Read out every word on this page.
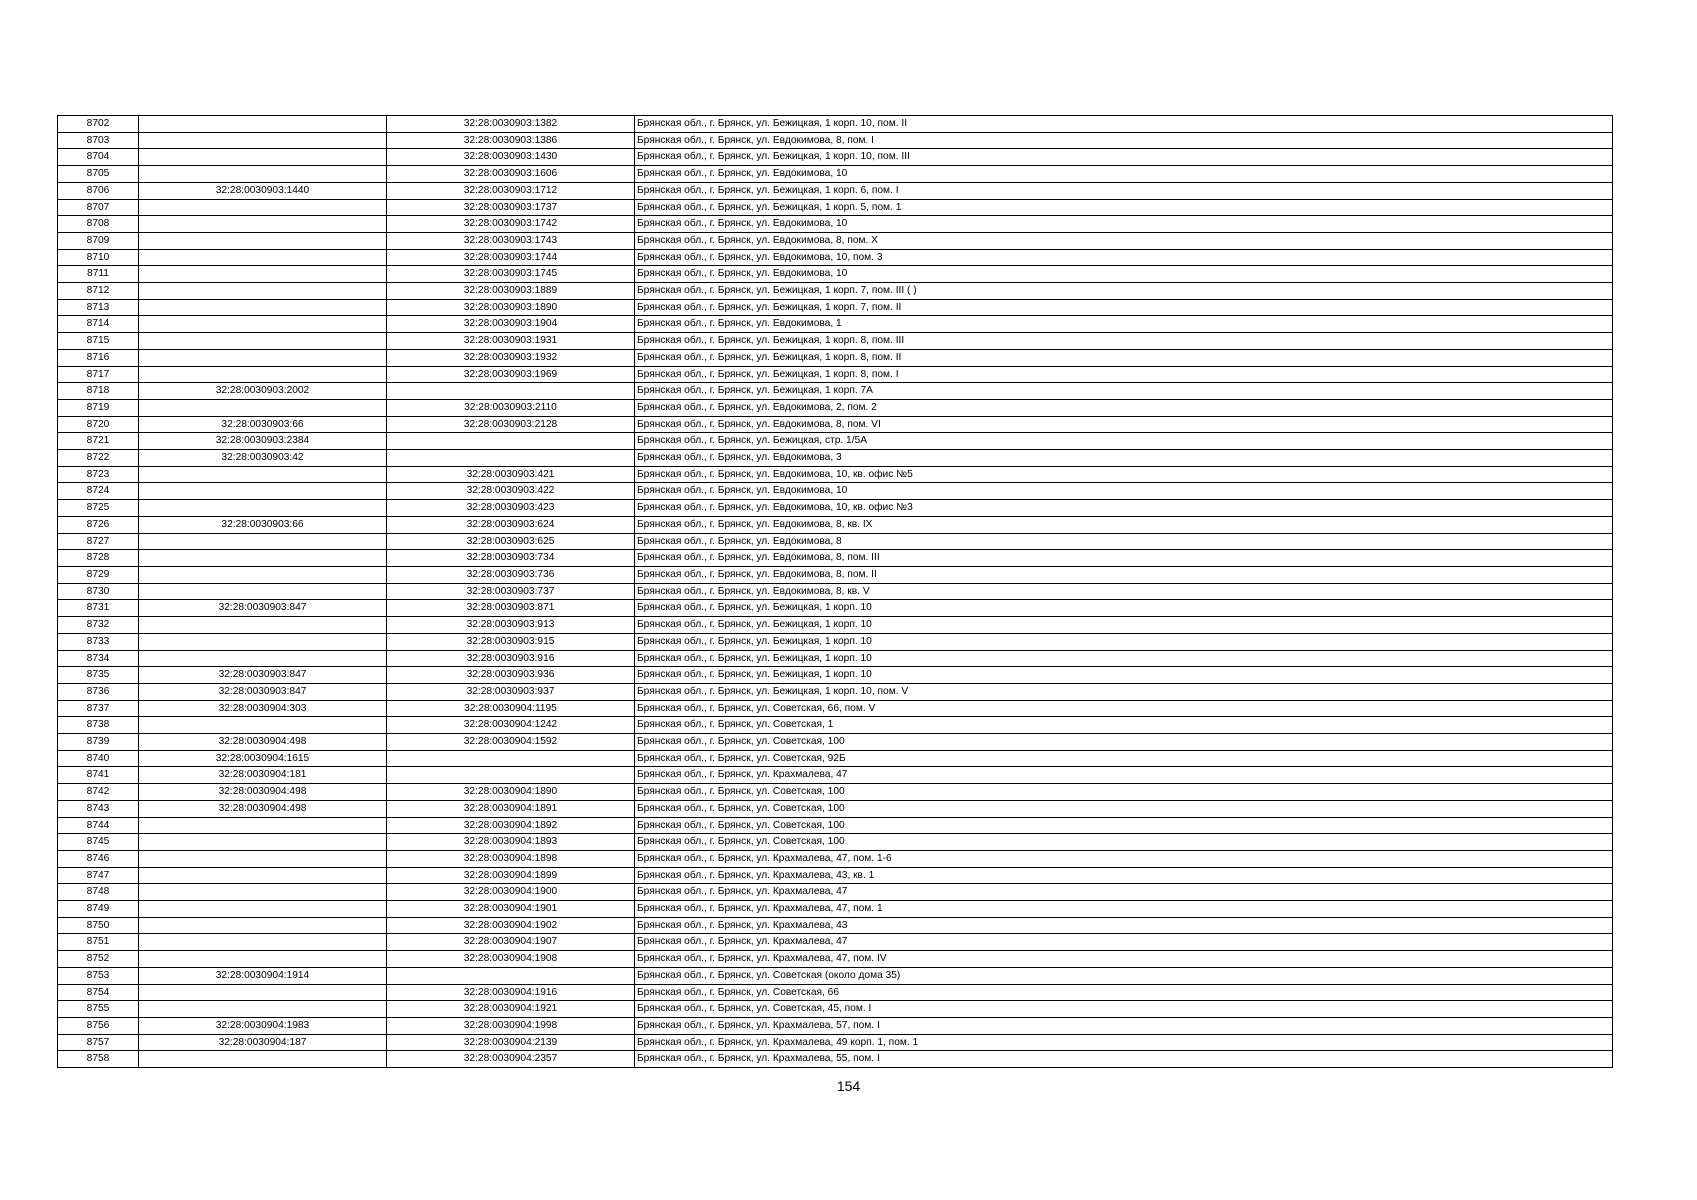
8702		32:28:0030903:1382	Брянская обл., г. Брянск, ул. Бежицкая, 1 корп. 10, пом. II
8703		32:28:0030903:1386	Брянская обл., г. Брянск, ул. Евдокимова, 8, пом. I
8704		32:28:0030903:1430	Брянская обл., г. Брянск, ул. Бежицкая, 1 корп. 10, пом. III
8705		32:28:0030903:1606	Брянская обл., г. Брянск, ул. Евдокимова, 10
8706	32:28:0030903:1440	32:28:0030903:1712	Брянская обл., г. Брянск, ул. Бежицкая, 1 корп. 6, пом. I
8707		32:28:0030903:1737	Брянская обл., г. Брянск, ул. Бежицкая, 1 корп. 5, пом. 1
8708		32:28:0030903:1742	Брянская обл., г. Брянск, ул. Евдокимова, 10
8709		32:28:0030903:1743	Брянская обл., г. Брянск, ул. Евдокимова, 8, пом. X
8710		32:28:0030903:1744	Брянская обл., г. Брянск, ул. Евдокимова, 10, пом. 3
8711		32:28:0030903:1745	Брянская обл., г. Брянск, ул. Евдокимова, 10
8712		32:28:0030903:1889	Брянская обл., г. Брянск, ул. Бежицкая, 1 корп. 7, пом. III ( )
8713		32:28:0030903:1890	Брянская обл., г. Брянск, ул. Бежицкая, 1 корп. 7, пом. II
8714		32:28:0030903:1904	Брянская обл., г. Брянск, ул. Евдокимова, 1
8715		32:28:0030903:1931	Брянская обл., г. Брянск, ул. Бежицкая, 1 корп. 8, пом. III
8716		32:28:0030903:1932	Брянская обл., г. Брянск, ул. Бежицкая, 1 корп. 8, пом. II
8717		32:28:0030903:1969	Брянская обл., г. Брянск, ул. Бежицкая, 1 корп. 8, пом. I
8718	32:28:0030903:2002		Брянская обл., г. Брянск, ул. Бежицкая, 1 корп. 7А
8719		32:28:0030903:2110	Брянская обл., г. Брянск, ул. Евдокимова, 2, пом. 2
8720	32:28:0030903:66	32:28:0030903:2128	Брянская обл., г. Брянск, ул. Евдокимова, 8, пом. VI
8721	32:28:0030903:2384		Брянская обл., г. Брянск, ул. Бежицкая, стр. 1/5А
8722	32:28:0030903:42		Брянская обл., г. Брянск, ул. Евдокимова, 3
8723		32:28:0030903:421	Брянская обл., г. Брянск, ул. Евдокимова, 10, кв. офис №5
8724		32:28:0030903:422	Брянская обл., г. Брянск, ул. Евдокимова, 10
8725		32:28:0030903:423	Брянская обл., г. Брянск, ул. Евдокимова, 10, кв. офис №3
8726	32:28:0030903:66	32:28:0030903:624	Брянская обл., г. Брянск, ул. Евдокимова, 8, кв. IX
8727		32:28:0030903:625	Брянская обл., г. Брянск, ул. Евдокимова, 8
8728		32:28:0030903:734	Брянская обл., г. Брянск, ул. Евдокимова, 8, пом. III
8729		32:28:0030903:736	Брянская обл., г. Брянск, ул. Евдокимова, 8, пом. II
8730		32:28:0030903:737	Брянская обл., г. Брянск, ул. Евдокимова, 8, кв. V
8731	32:28:0030903:847	32:28:0030903:871	Брянская обл., г. Брянск, ул. Бежицкая, 1 корп. 10
8732		32:28:0030903:913	Брянская обл., г. Брянск, ул. Бежицкая, 1 корп. 10
8733		32:28:0030903:915	Брянская обл., г. Брянск, ул. Бежицкая, 1 корп. 10
8734		32:28:0030903:916	Брянская обл., г. Брянск, ул. Бежицкая, 1 корп. 10
8735	32:28:0030903:847	32:28:0030903:936	Брянская обл., г. Брянск, ул. Бежицкая, 1 корп. 10
8736	32:28:0030903:847	32:28:0030903:937	Брянская обл., г. Брянск, ул. Бежицкая, 1 корп. 10, пом. V
8737	32:28:0030904:303	32:28:0030904:1195	Брянская обл., г. Брянск, ул. Советская, 66, пом. V
8738		32:28:0030904:1242	Брянская обл., г. Брянск, ул. Советская, 1
8739	32:28:0030904:498	32:28:0030904:1592	Брянская обл., г. Брянск, ул. Советская, 100
8740	32:28:0030904:1615		Брянская обл., г. Брянск, ул. Советская, 92Б
8741	32:28:0030904:181		Брянская обл., г. Брянск, ул. Крахмалева, 47
8742	32:28:0030904:498	32:28:0030904:1890	Брянская обл., г. Брянск, ул. Советская, 100
8743	32:28:0030904:498	32:28:0030904:1891	Брянская обл., г. Брянск, ул. Советская, 100
8744		32:28:0030904:1892	Брянская обл., г. Брянск, ул. Советская, 100
8745		32:28:0030904:1893	Брянская обл., г. Брянск, ул. Советская, 100
8746		32:28:0030904:1898	Брянская обл., г. Брянск, ул. Крахмалева, 47, пом. 1-6
8747		32:28:0030904:1899	Брянская обл., г. Брянск, ул. Крахмалева, 43, кв. 1
8748		32:28:0030904:1900	Брянская обл., г. Брянск, ул. Крахмалева, 47
8749		32:28:0030904:1901	Брянская обл., г. Брянск, ул. Крахмалева, 47, пом. 1
8750		32:28:0030904:1902	Брянская обл., г. Брянск, ул. Крахмалева, 43
8751		32:28:0030904:1907	Брянская обл., г. Брянск, ул. Крахмалева, 47
8752		32:28:0030904:1908	Брянская обл., г. Брянск, ул. Крахмалева, 47, пом. IV
8753	32:28:0030904:1914		Брянская обл., г. Брянск, ул. Советская (около дома 35)
8754		32:28:0030904:1916	Брянская обл., г. Брянск, ул. Советская, 66
8755		32:28:0030904:1921	Брянская обл., г. Брянск, ул. Советская, 45, пом. I
8756	32:28:0030904:1983	32:28:0030904:1998	Брянская обл., г. Брянск, ул. Крахмалева, 57, пом. I
8757	32:28:0030904:187	32:28:0030904:2139	Брянская обл., г. Брянск, ул. Крахмалева, 49 корп. 1, пом. 1
8758		32:28:0030904:2357	Брянская обл., г. Брянск, ул. Крахмалева, 55, пом. I
154
